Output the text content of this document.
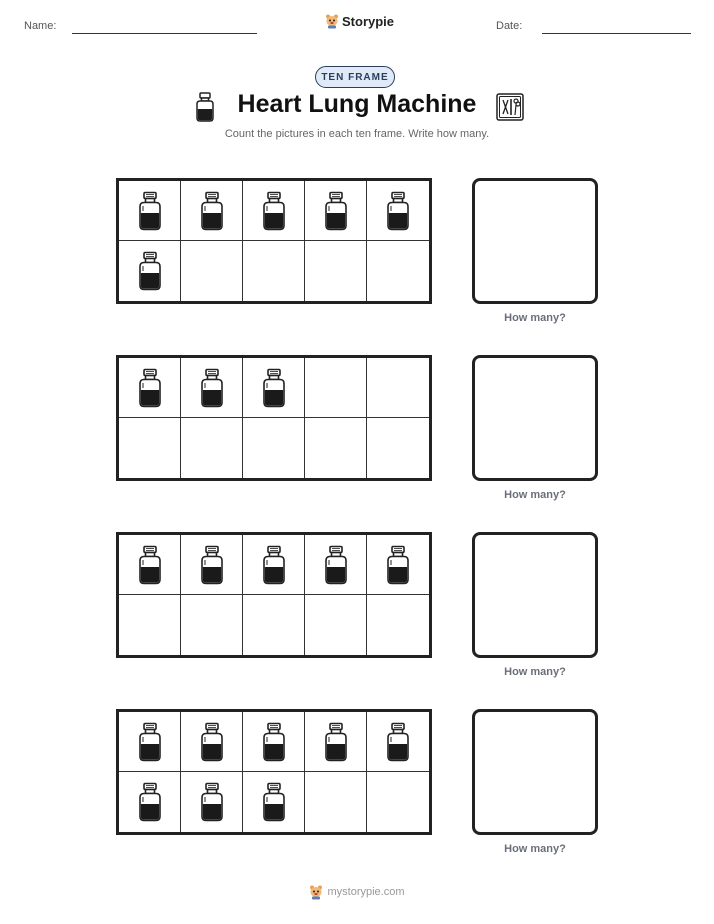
Name:	Storypie	Date:
TEN FRAME
Heart Lung Machine
Count the pictures in each ten frame. Write how many.
How many?
How many?
How many?
How many?
mystorypie.com
